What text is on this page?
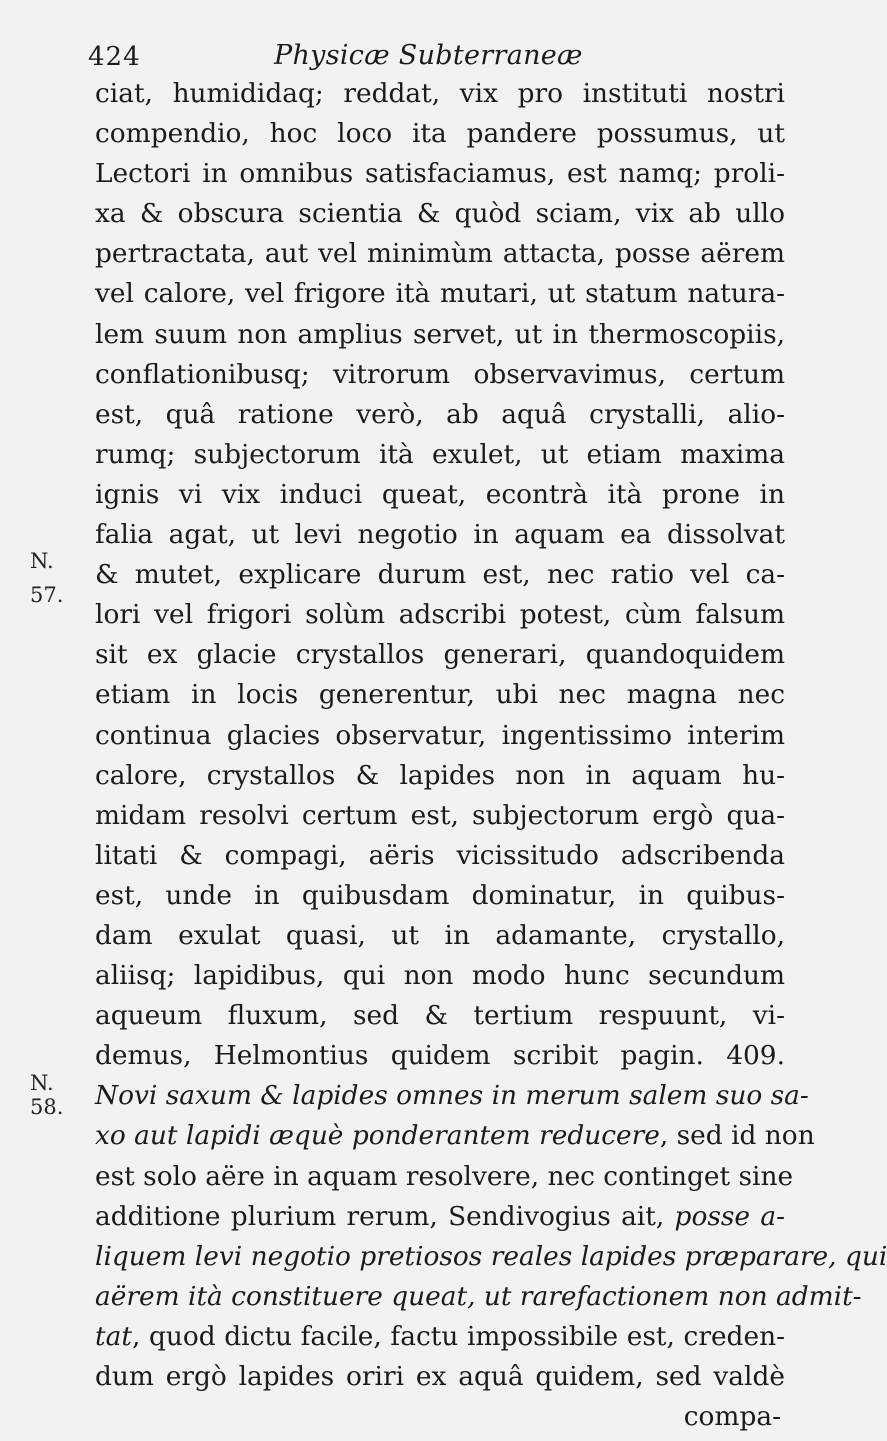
424	Physicæ Subterraneæ
N.
57.
N.
58.
ciat, humididaq; reddat, vix pro instituti nostri
compendio, hoc loco ita pandere possumus, ut
Lectori in omnibus satisfaciamus, est namq; proli-
xa & obscura scientia & quòd sciam, vix ab ullo
pertractata, aut vel minimùm attacta, posse aërem
vel calore, vel frigore ità mutari, ut statum natura-
lem suum non amplius servet, ut in thermoscopiis,
conflationibusq; vitrorum observavimus, certum
est, quâ ratione verò, ab aquâ crystalli, alio-
rumq; subjectorum ità exulet, ut etiam maxima
ignis vi vix induci queat, econtrà ità prone in
falia agat, ut levi negotio in aquam ea dissolvat
& mutet, explicare durum est, nec ratio vel ca-
lori vel frigori solùm adscribi potest, cùm falsum
sit ex glacie crystallos generari, quandoquidem
etiam in locis generentur, ubi nec magna nec
continua glacies observatur, ingentissimo interim
calore, crystallos & lapides non in aquam hu-
midam resolvi certum est, subjectorum ergò qua-
litati & compagi, aëris vicissitudo adscribenda
est, unde in quibusdam dominatur, in quibus-
dam exulat quasi, ut in adamante, crystallo,
aliisq; lapidibus, qui non modo hunc secundum
aqueum fluxum, sed & tertium respuunt, vi-
demus, Helmontius quidem scribit pagin. 409.
Novi saxum & lapides omnes in merum salem suo sa-
xo aut lapidi æquè ponderantem reducere, sed id non
est solo aëre in aquam resolvere, nec continget sine
additione plurium rerum, Sendivogius ait, posse a-
liquem levi negotio pretiosos reales lapides præparare, qui
aërem ità constituere queat, ut rarefactionem non admit-
tat, quod dictu facile, factu impossibile est, creden-
dum ergò lapides oriri ex aquâ quidem, sed valdè
compa-
